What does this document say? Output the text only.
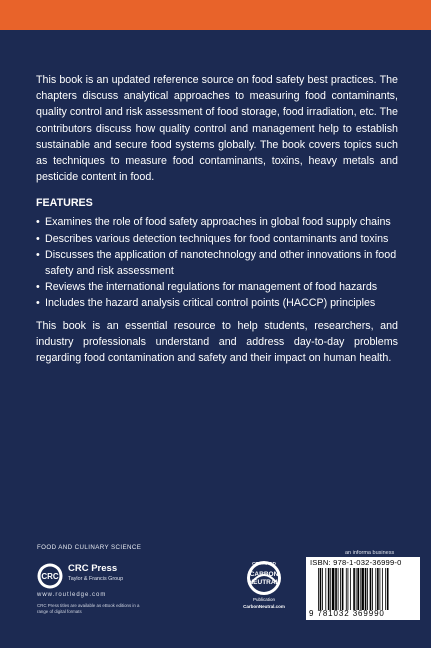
This book is an updated reference source on food safety best practices. The chapters discuss analytical approaches to measuring food contaminants, quality control and risk assessment of food storage, food irradiation, etc. The contributors discuss how quality control and management help to establish sustainable and secure food systems globally. The book covers topics such as techniques to measure food contaminants, toxins, heavy metals and pesticide content in food.

FEATURES
• Examines the role of food safety approaches in global food supply chains
• Describes various detection techniques for food contaminants and toxins
• Discusses the application of nanotechnology and other innovations in food safety and risk assessment
• Reviews the international regulations for management of food hazards
• Includes the hazard analysis critical control points (HACCP) principles

This book is an essential resource to help students, researchers, and industry professionals understand and address day-to-day problems regarding food contamination and safety and their impact on human health.

FOOD AND CULINARY SCIENCE
CRC
CRC Press
Taylor & Francis Group
www.routledge.com
CRC Press titles are available as eBook editions in a range of digital formats
CERTIFIED
CARBON
NEUTRAL
Publication
CarbonNeutral.com
an informa business
ISBN: 978-1-032-36999-0
9 781032 369990
